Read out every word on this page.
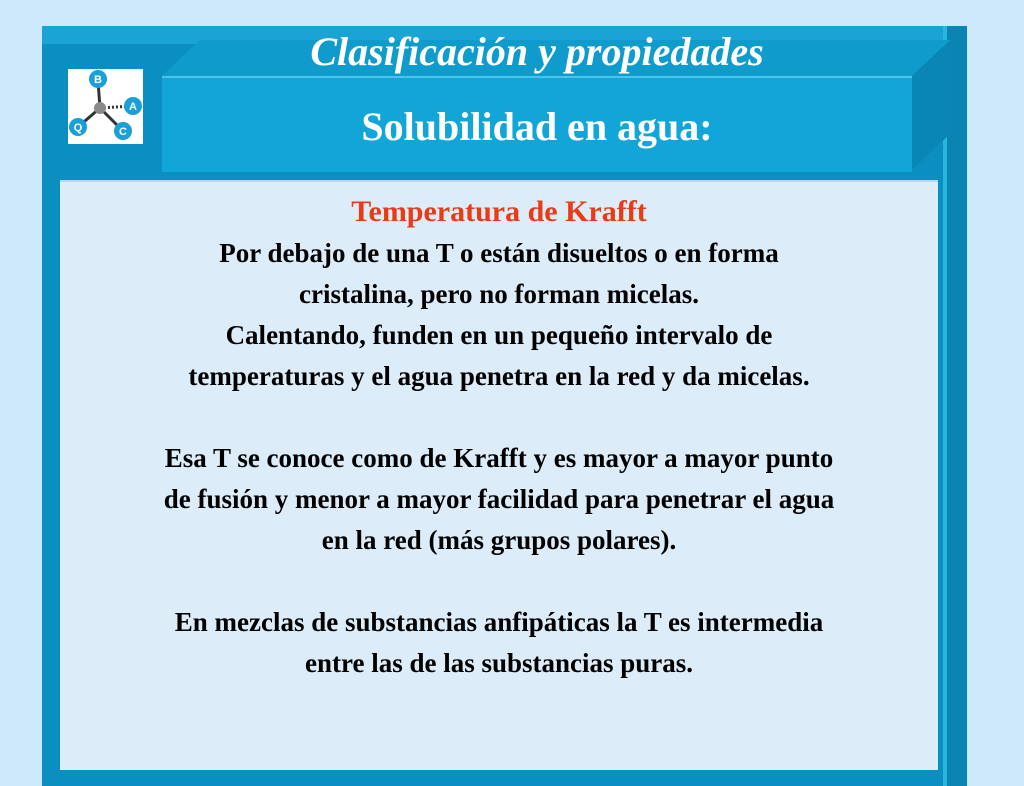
Clasificación y propiedades
Solubilidad en agua:
B
A
C
Q
Temperatura de Krafft
Por debajo de una T o están disueltos o en forma
cristalina, pero no forman micelas.
Calentando, funden en un pequeño intervalo de
temperaturas y el agua penetra en la red y da micelas.
Esa T se conoce como de Krafft y es mayor a mayor punto
de fusión y menor a mayor facilidad para penetrar el agua
en la red (más grupos polares).
En mezclas de substancias anfipáticas la T es intermedia
entre las de las substancias puras.
